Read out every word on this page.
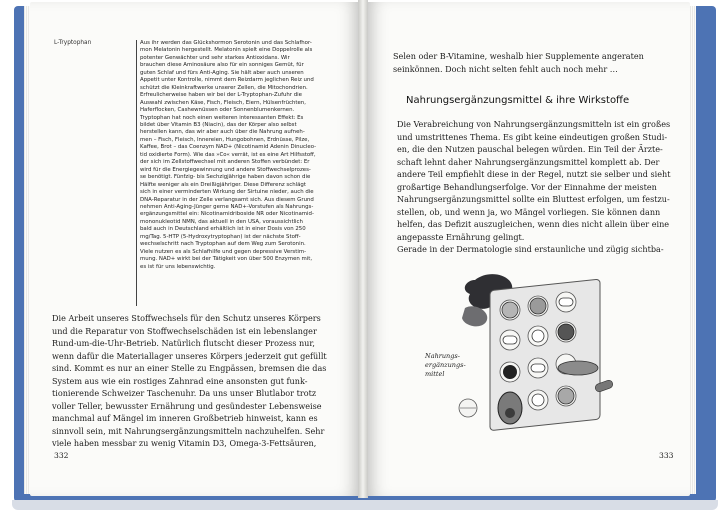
L-Tryptophan	Aus ihr werden das Glückshormon Serotonin und das Schlafhor-
mon Melatonin hergestellt. Melatonin spielt eine Doppelrolle als
potenter Genwächter und sehr starkes Antioxidans. Wir
brauchen diese Aminosäure also für ein sonniges Gemüt, für
guten Schlaf und fürs Anti-Aging. Sie hält aber auch unseren
Appetit unter Kontrolle, nimmt dem Reizdarm jeglichen Reiz und
schützt die Kleinkraftwerke unserer Zellen, die Mitochondrien.
Erfreulicherweise haben wir bei der L-Tryptophan-Zufuhr die
Auswahl zwischen Käse, Fisch, Fleisch, Eiern, Hülsenfrüchten,
Haferflocken, Cashewnüssen oder Sonnenblumenkernen.
Tryptophan hat noch einen weiteren interessanten Effekt: Es
bildet über Vitamin B3 (Niacin), das der Körper also selbst
herstellen kann, das wir aber auch über die Nahrung aufneh-
men – Fisch, Fleisch, Innereien, Hungobohnen, Erdnüsse, Pilze,
Kaffee, Brot – das Coenzym NAD+ (Nicotinamid Adenin Dinucleo-
tid oxidierte Form). Wie das »Co« verrät, ist es eine Art Hilfsstoff,
der sich im Zellstoffwechsel mit anderen Stoffen verbündet: Er
wird für die Energiegewinnung und andere Stoffwechselprozes-
se benötigt. Fünfzig- bis Sechzigjährige haben davon schon die
Hälfte weniger als ein Dreißigjähriger. Diese Differenz schlägt
sich in einer verminderten Wirkung der Sirtuine nieder, auch die
DNA-Reparatur in der Zelle verlangsamt sich. Aus diesem Grund
nehmen Anti-Aging-Jünger gerne NAD+-Vorstufen als Nahrungs-
ergänzungsmittel ein: Nicotinamidriboside NR oder Nicotinamid-
mononukleotid NMN, das aktuell in den USA, voraussichtlich
bald auch in Deutschland erhältlich ist in einer Dosis von 250
mg/Tag. 5-HTP (5-Hydroxytryptophan) ist der nächste Stoff-
wechselschritt nach Tryptophan auf dem Weg zum Serotonin.
Viele nutzen es als Schlafhilfe und gegen depressive Verstim-
mung. NAD+ wirkt bei der Tätigkeit von über 500 Enzymen mit,
es ist für uns lebenswichtig.
Die Arbeit unseres Stoffwechsels für den Schutz unseres Körpers
und die Reparatur von Stoffwechselschäden ist ein lebenslanger
Rund-um-die-Uhr-Betrieb. Natürlich flutscht dieser Prozess nur,
wenn dafür die Materiallager unseres Körpers jederzeit gut gefüllt
sind. Kommt es nur an einer Stelle zu Engpässen, bremsen die das
System aus wie ein rostiges Zahnrad eine ansonsten gut funk-
tionierende Schweizer Taschenuhr. Da uns unser Blutlabor trotz
voller Teller, bewusster Ernährung und gesündester Lebensweise
manchmal auf Mängel im inneren Großbetrieb hinweist, kann es
sinnvoll sein, mit Nahrungsergänzungsmitteln nachzuhelfen. Sehr
viele haben messbar zu wenig Vitamin D3, Omega-3-Fettsäuren,
332
Selen oder B-Vitamine, weshalb hier Supplemente angeraten seinkönnen. Doch nicht selten fehlt auch noch mehr …
Nahrungsergänzungsmittel & ihre Wirkstoffe
Die Verabreichung von Nahrungsergänzungsmitteln ist ein großes
und umstrittenes Thema. Es gibt keine eindeutigen großen Studi-
en, die den Nutzen pauschal belegen würden. Ein Teil der Ärzte-
schaft lehnt daher Nahrungsergänzungsmittel komplett ab. Der
andere Teil empfiehlt diese in der Regel, nutzt sie selber und sieht
großartige Behandlungserfolge. Vor der Einnahme der meisten
Nahrungsergänzungsmittel sollte ein Bluttest erfolgen, um festzu-
stellen, ob, und wenn ja, wo Mängel vorliegen. Sie können dann
helfen, das Defizit auszugleichen, wenn dies nicht allein über eine
angepasste Ernährung gelingt.
Gerade in der Dermatologie sind erstaunliche und zügig sichtba-
Nahrungs-
ergänzungs-
mittel
333
